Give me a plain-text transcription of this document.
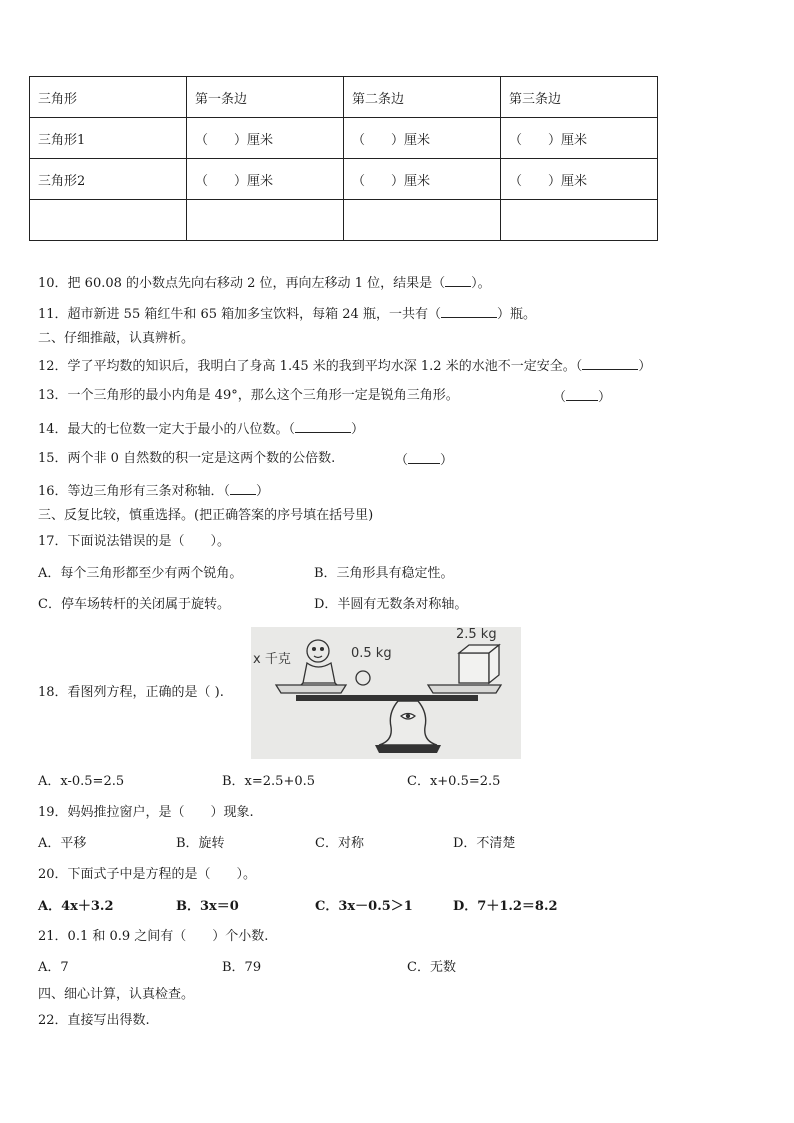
三角形	第一条边	第二条边	第三条边
三角形1	（　　）厘米	（　　）厘米	（　　）厘米
三角形2	（　　）厘米	（　　）厘米	（　　）厘米

10．把 60.08 的小数点先向右移动 2 位，再向左移动 1 位，结果是（ ）。
11．超市新进 55 箱红牛和 65 箱加多宝饮料，每箱 24 瓶，一共有（	）瓶。
二、仔细推敲，认真辨析。
12．学了平均数的知识后，我明白了身高 1.45 米的我到平均水深 1.2 米的水池不一定安全。（	）
13．一个三角形的最小内角是 49°，那么这个三角形一定是锐角三角形。	（ ）
14．最大的七位数一定大于最小的八位数。（	）
15．两个非 0 自然数的积一定是这两个数的公倍数.	（ ）
16．等边三角形有三条对称轴．（ ）
三、反复比较，慎重选择。(把正确答案的序号填在括号里)
17．下面说法错误的是（　　）。
A．每个三角形都至少有两个锐角。	B．三角形具有稳定性。
C．停车场转杆的关闭属于旋转。	D．半圆有无数条对称轴。
18．看图列方程，正确的是（ ).
x 千克	0.5 kg
2.5 kg
A．x-0.5=2.5	B．x=2.5+0.5	C．x+0.5=2.5
19．妈妈推拉窗户，是（　　）现象.
A．平移	B．旋转	C．对称	D．不清楚
20．下面式子中是方程的是（　　）。
A．4x＋3.2	B．3x＝0	C．3x－0.5＞1	D．7＋1.2＝8.2
21．0.1 和 0.9 之间有（　　）个小数.
A．7	B．79	C．无数
四、细心计算，认真检查。
22．直接写出得数.
